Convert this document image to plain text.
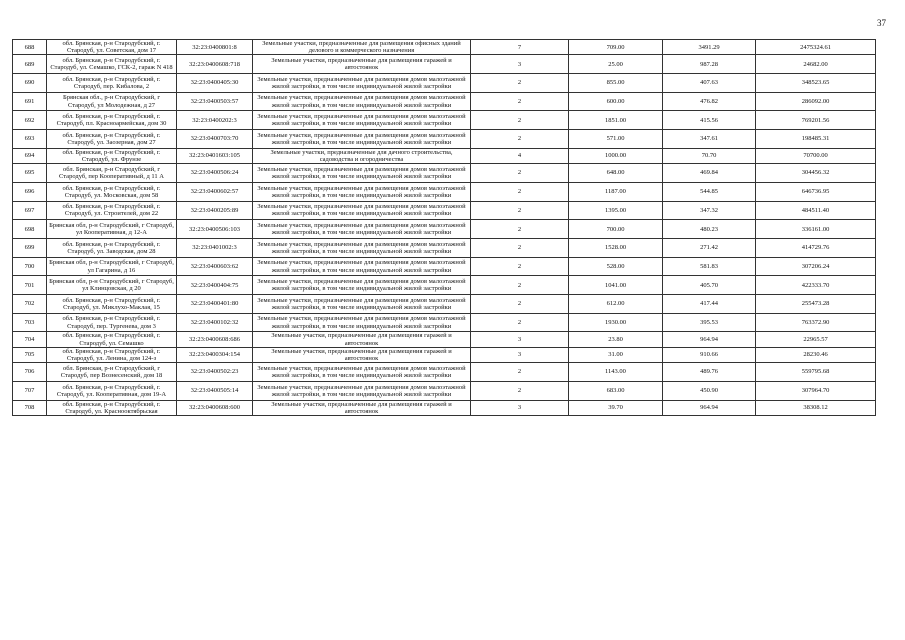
37
688	обл. Брянская, р-н Стародубский, г. Стародуб, ул. Советская, дом 17	32:23:0400801:8	Земельные участки, предназначенные для размещения офисных зданий делового и коммерческого назначения	7	709.00	3491.29	2475324.61
689	обл. Брянская, р-н Стародубский, г. Стародуб, ул. Семашко, ГСК-2, гараж N 418	32:23:0400608:718	Земельные участки, предназначенные для размещения гаражей и автостоянок	3	25.00	987.28	24682.00
690	обл. Брянская, р-н Стародубский, г. Стародуб, пер. Кибалова, 2	32:23:0400405:30	Земельные участки, предназначенные для размещения домов малоэтажной жилой застройки, в том числе индивидуальной жилой застройки	2	855.00	407.63	348523.65
691	Брянская обл., р-н Стародубский, г Стародуб, ул Молодежная, д 27	32:23:0400503:57	Земельные участки, предназначенные для размещения домов малоэтажной жилой застройки, в том числе индивидуальной жилой застройки	2	600.00	476.82	286092.00
692	обл. Брянская, р-н Стародубский, г. Стародуб, пл. Красноармейская, дом 30	32:23:0400202:3	Земельные участки, предназначенные для размещения домов малоэтажной жилой застройки, в том числе индивидуальной жилой застройки	2	1851.00	415.56	769201.56
693	обл. Брянская, р-н Стародубский, г. Стародуб, ул. Заозерная, дом 27	32:23:0400703:70	Земельные участки, предназначенные для размещения домов малоэтажной жилой застройки, в том числе индивидуальной жилой застройки	2	571.00	347.61	198485.31
694	обл. Брянская, р-н Стародубский, г. Стародуб, ул. Фрунзе	32:23:0401603:105	Земельные участки, предназначенные для дачного строительства, садоводства и огородничества	4	1000.00	70.70	70700.00
695	обл. Брянская, р-н Стародубский, г Стародуб, пер Кооперативный, д 11 А	32:23:0400506:24	Земельные участки, предназначенные для размещения домов малоэтажной жилой застройки, в том числе индивидуальной жилой застройки	2	648.00	469.84	304456.32
696	обл. Брянская, р-н Стародубский, г. Стародуб, ул. Московская, дом 58	32:23:0400602:57	Земельные участки, предназначенные для размещения домов малоэтажной жилой застройки, в том числе индивидуальной жилой застройки	2	1187.00	544.85	646736.95
697	обл. Брянская, р-н Стародубский, г. Стародуб, ул. Строителей, дом 22	32:23:0400205:89	Земельные участки, предназначенные для размещения домов малоэтажной жилой застройки, в том числе индивидуальной жилой застройки	2	1395.00	347.32	484511.40
698	Брянская обл, р-н Стародубский, г Стародуб, ул Кооперативная, д 12-А	32:23:0400506:103	Земельные участки, предназначенные для размещения домов малоэтажной жилой застройки, в том числе индивидуальной жилой застройки	2	700.00	480.23	336161.00
699	обл. Брянская, р-н Стародубский, г. Стародуб, ул. Заводская, дом 28	32:23:0401002:3	Земельные участки, предназначенные для размещения домов малоэтажной жилой застройки, в том числе индивидуальной жилой застройки	2	1528.00	271.42	414729.76
700	Брянская обл, р-н Стародубский, г Стародуб, ул Гагарина, д 16	32:23:0400603:62	Земельные участки, предназначенные для размещения домов малоэтажной жилой застройки, в том числе индивидуальной жилой застройки	2	528.00	581.83	307206.24
701	Брянская обл, р-н Стародубский, г Стародуб, ул Клинцовская, д 20	32:23:0400404:75	Земельные участки, предназначенные для размещения домов малоэтажной жилой застройки, в том числе индивидуальной жилой застройки	2	1041.00	405.70	422333.70
702	обл. Брянская, р-н Стародубский, г. Стародуб, ул. Миклухо-Маклая, 15	32:23:0400401:80	Земельные участки, предназначенные для размещения домов малоэтажной жилой застройки, в том числе индивидуальной жилой застройки	2	612.00	417.44	255473.28
703	обл. Брянская, р-н Стародубский, г. Стародуб, пер. Тургенева, дом 3	32:23:0400102:32	Земельные участки, предназначенные для размещения домов малоэтажной жилой застройки, в том числе индивидуальной жилой застройки	2	1930.00	395.53	763372.90
704	обл. Брянская, р-н Стародубский, г. Стародуб, ул. Семашко	32:23:0400608:686	Земельные участки, предназначенные для размещения гаражей и автостоянок	3	23.80	964.94	22965.57
705	обл. Брянская, р-н Стародубский, г. Стародуб, ул. Ленина, дом 124-з	32:23:0400304:154	Земельные участки, предназначенные для размещения гаражей и автостоянок	3	31.00	910.66	28230.46
706	обл. Брянская, р-н Стародубский, г Стародуб, пер Вознесенский, дом 18	32:23:0400502:23	Земельные участки, предназначенные для размещения домов малоэтажной жилой застройки, в том числе индивидуальной жилой застройки	2	1143.00	489.76	559795.68
707	обл. Брянская, р-н Стародубский, г. Стародуб, ул. Кооперативная, дом 19-А	32:23:0400505:14	Земельные участки, предназначенные для размещения домов малоэтажной жилой застройки, в том числе индивидуальной жилой застройки	2	683.00	450.90	307964.70
708	обл. Брянская, р-н Стародубский, г. Стародуб, ул. Краснооктябрьская	32:23:0400608:600	Земельные участки, предназначенные для размещения гаражей и автостоянок	3	39.70	964.94	38308.12
